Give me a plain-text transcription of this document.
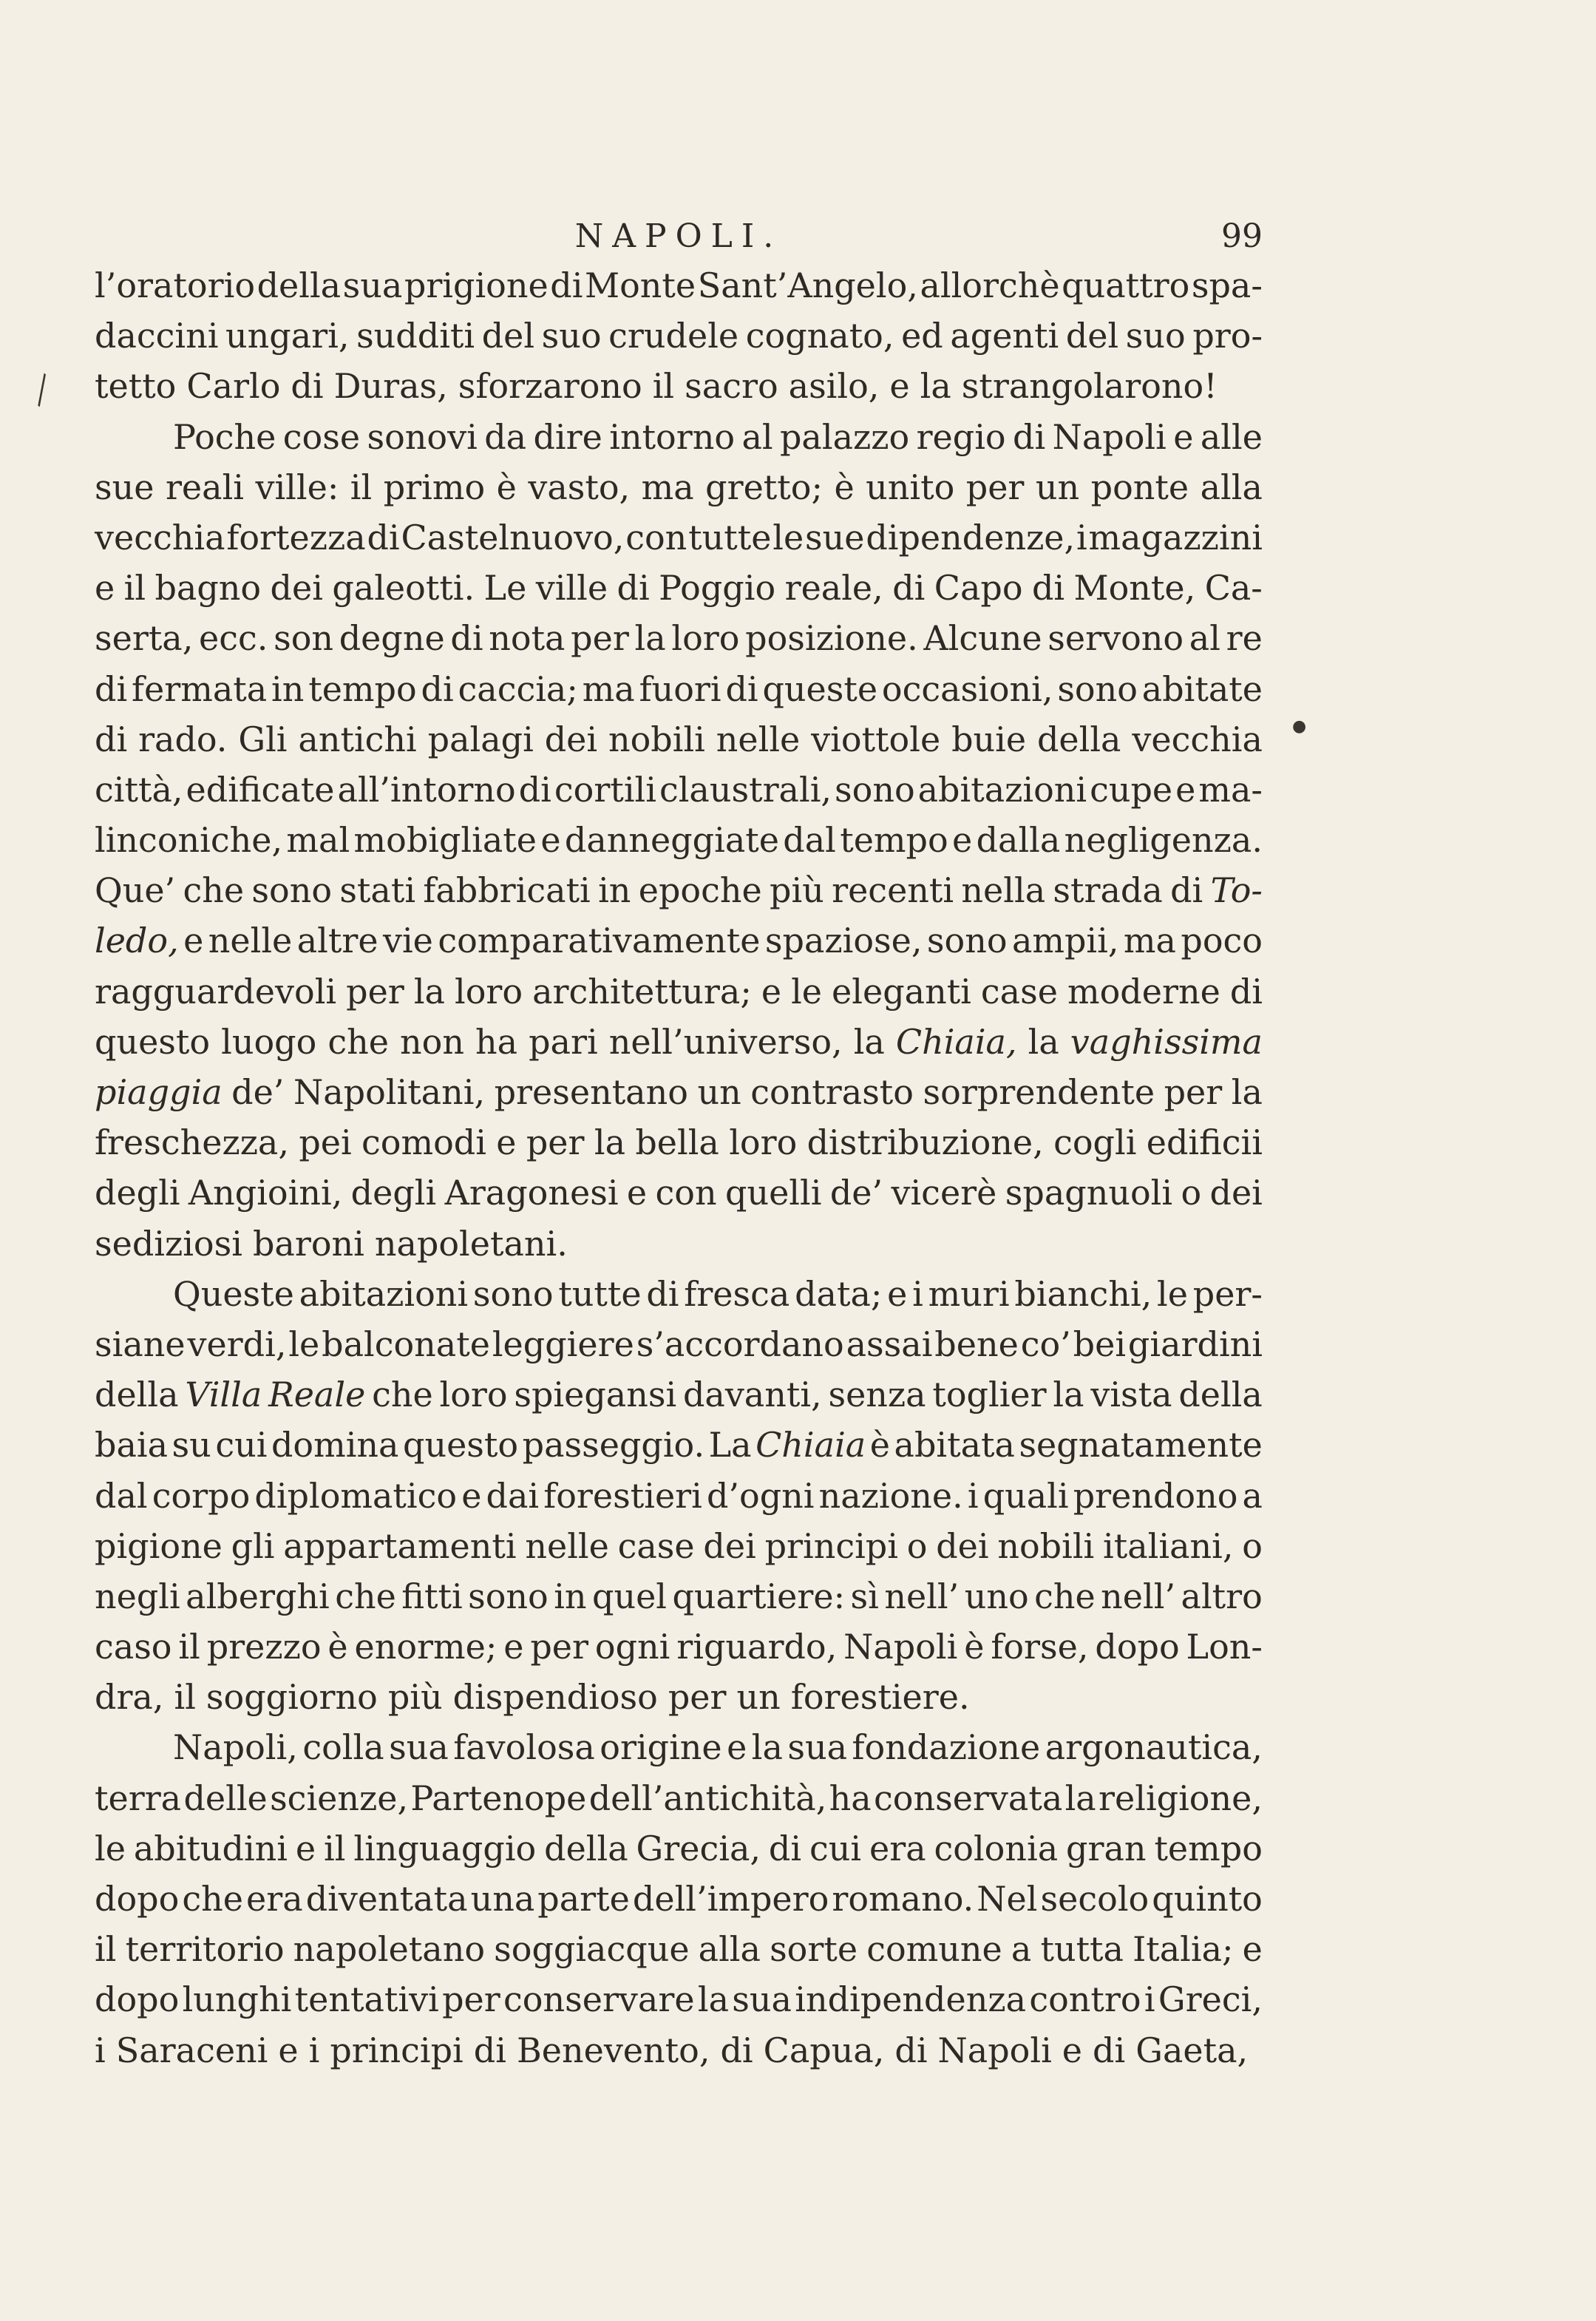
NAPOLI.	99
╲
●
l’oratorio della sua prigione di Monte Sant’Angelo, allorchè quattro spa-
daccini ungari, sudditi del suo crudele cognato, ed agenti del suo pro-
tetto Carlo di Duras, sforzarono il sacro asilo, e la strangolarono!
Poche cose sonovi da dire intorno al palazzo regio di Napoli e alle
sue reali ville: il primo è vasto, ma gretto; è unito per un ponte alla
vecchia fortezza di Castelnuovo, con tutte le sue dipendenze, i magazzini
e il bagno dei galeotti. Le ville di Poggio reale, di Capo di Monte, Ca-
serta, ecc. son degne di nota per la loro posizione. Alcune servono al re
di fermata in tempo di caccia; ma fuori di queste occasioni, sono abitate
di rado. Gli antichi palagi dei nobili nelle viottole buie della vecchia
città, edificate all’intorno di cortili claustrali, sono abitazioni cupe e ma-
linconiche, mal mobigliate e danneggiate dal tempo e dalla negligenza.
Que’ che sono stati fabbricati in epoche più recenti nella strada di To-
ledo, e nelle altre vie comparativamente spaziose, sono ampii, ma poco
ragguardevoli per la loro architettura; e le eleganti case moderne di
questo luogo che non ha pari nell’universo, la Chiaia, la vaghissima
piaggia de’ Napolitani, presentano un contrasto sorprendente per la
freschezza, pei comodi e per la bella loro distribuzione, cogli edificii
degli Angioini, degli Aragonesi e con quelli de’ vicerè spagnuoli o dei
sediziosi baroni napoletani.
Queste abitazioni sono tutte di fresca data; e i muri bianchi, le per-
siane verdi, le balconate leggiere s’accordano assai bene co’ bei giardini
della Villa Reale che loro spiegansi davanti, senza toglier la vista della
baia su cui domina questo passeggio. La Chiaia è abitata segnatamente
dal corpo diplomatico e dai forestieri d’ogni nazione. i quali prendono a
pigione gli appartamenti nelle case dei principi o dei nobili italiani, o
negli alberghi che fitti sono in quel quartiere: sì nell’ uno che nell’ altro
caso il prezzo è enorme; e per ogni riguardo, Napoli è forse, dopo Lon-
dra, il soggiorno più dispendioso per un forestiere.
Napoli, colla sua favolosa origine e la sua fondazione argonautica,
terra delle scienze, Partenope dell’antichità, ha conservata la religione,
le abitudini e il linguaggio della Grecia, di cui era colonia gran tempo
dopo che era diventata una parte dell’impero romano. Nel secolo quinto
il territorio napoletano soggiacque alla sorte comune a tutta Italia; e
dopo lunghi tentativi per conservare la sua indipendenza contro i Greci,
i Saraceni e i principi di Benevento, di Capua, di Napoli e di Gaeta,
